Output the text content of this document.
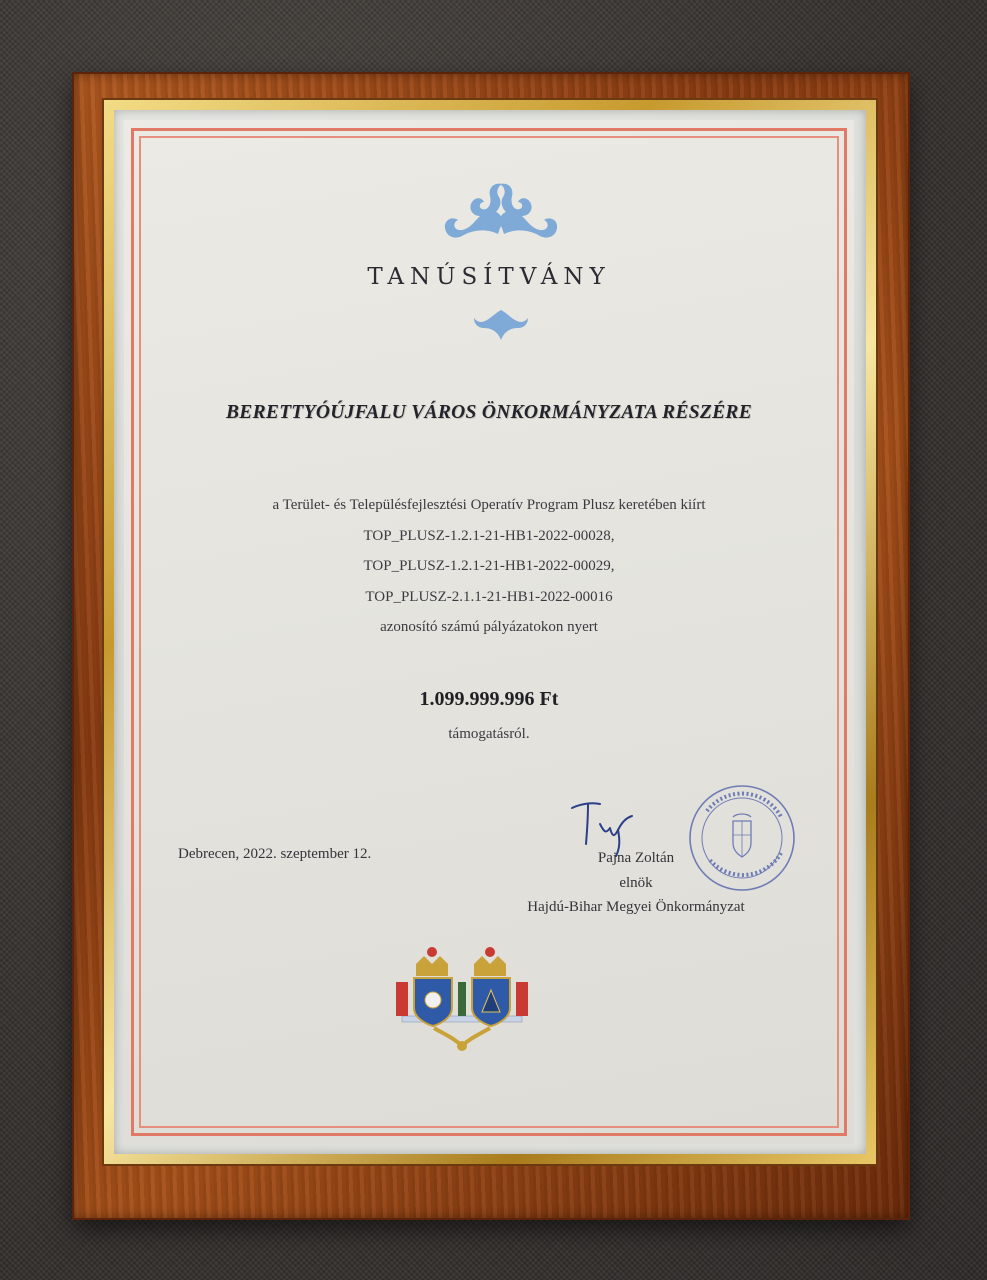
TANÚSÍTVÁNY
BERETTYÓÚJFALU VÁROS ÖNKORMÁNYZATA RÉSZÉRE
a Terület- és Településfejlesztési Operatív Program Plusz keretében kiírt
TOP_PLUSZ-1.2.1-21-HB1-2022-00028,
TOP_PLUSZ-1.2.1-21-HB1-2022-00029,
TOP_PLUSZ-2.1.1-21-HB1-2022-00016
azonosító számú pályázatokon nyert
1.099.999.996 Ft
támogatásról.
Debrecen, 2022. szeptember 12.	Pajna Zoltán
elnök
Hajdú-Bihar Megyei Önkormányzat
